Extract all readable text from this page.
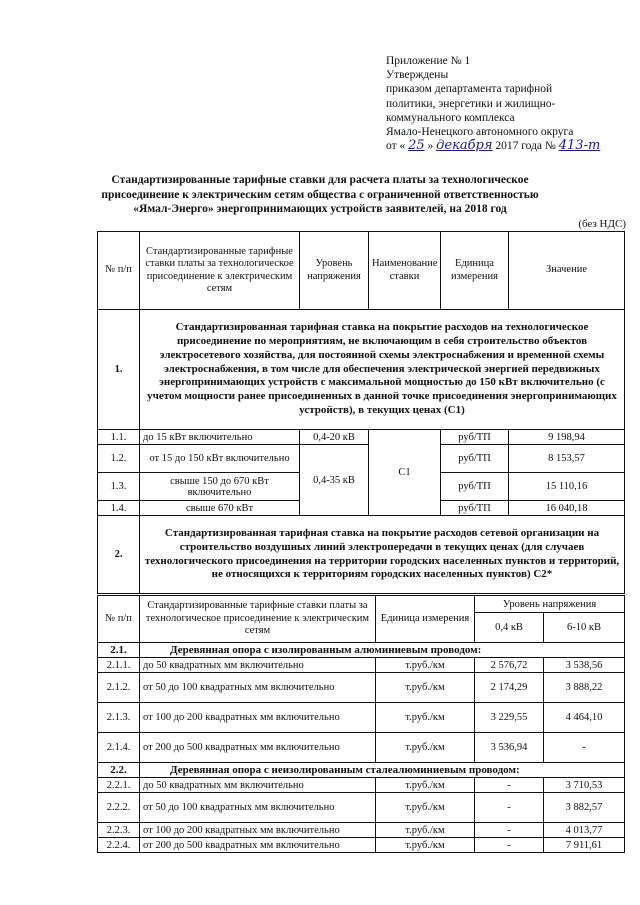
Приложение № 1
Утверждены
приказом департамента тарифной
политики, энергетики и жилищно-
коммунального комплекса
Ямало-Ненецкого автономного округа
от « 25 » декабря 2017 года № 413-т
Стандартизированные тарифные ставки для расчета платы за технологическое присоединение к электрическим сетям общества с ограниченной ответственностью «Ямал-Энерго» энергопринимающих устройств заявителей, на 2018 год
(без НДС)
№ п/п	Стандартизированные тарифные ставки платы за технологическое присоединение к электрическим сетям	Уровень напряжения	Наименование ставки	Единица измерения	Значение
1.	Стандартизированная тарифная ставка на покрытие расходов на технологическое присоединение по мероприятиям, не включающим в себя строительство объектов электросетевого хозяйства, для постоянной схемы электроснабжения и временной схемы электроснабжения, в том числе для обеспечения электрической энергией передвижных энергопринимающих устройств с максимальной мощностью до 150 кВт включительно (с учетом мощности ранее присоединенных в данной точке присоединения энергопринимающих устройств), в текущих ценах (С1)				
1.1.	до 15 кВт включительно	0,4-20 кВ	С1	руб/ТП	9 198,94
1.2.	от 15 до 150 кВт включительно	0,4-35 кВ		руб/ТП	8 153,57
1.3.	свыше 150 до 670 кВт включительно			руб/ТП	15 110,16
1.4.	свыше 670 кВт			руб/ТП	16 040,18
2.	Стандартизированная тарифная ставка на покрытие расходов сетевой организации на строительство воздушных линий электропередачи в текущих ценах (для случаев технологического присоединения на территории городских населенных пунктов и территорий, не относящихся к территориям городских населенных пунктов) С2*				
№ п/п	Стандартизированные тарифные ставки платы за технологическое присоединение к электрическим сетям	Единица измерения	Уровень напряжения	
			0,4 кВ	6-10 кВ
2.1.	Деревянная опора с изолированным алюминиевым проводом:			
2.1.1.	до 50 квадратных мм включительно	т.руб./км	2 576,72	3 538,56
2.1.2.	от 50 до 100 квадратных мм включительно	т.руб./км	2 174,29	3 888,22
2.1.3.	от 100 до 200 квадратных мм включительно	т.руб./км	3 229,55	4 464,10
2.1.4.	от 200 до 500 квадратных мм включительно	т.руб./км	3 536,94	-
2.2.	Деревянная опора с неизолированным сталеалюминиевым проводом:			
2.2.1.	до 50 квадратных мм включительно	т.руб./км	-	3 710,53
2.2.2.	от 50 до 100 квадратных мм включительно	т.руб./км	-	3 882,57
2.2.3.	от 100 до 200 квадратных мм включительно	т.руб./км	-	4 013,77
2.2.4.	от 200 до 500 квадратных мм включительно	т.руб./км	-	7 911,61
